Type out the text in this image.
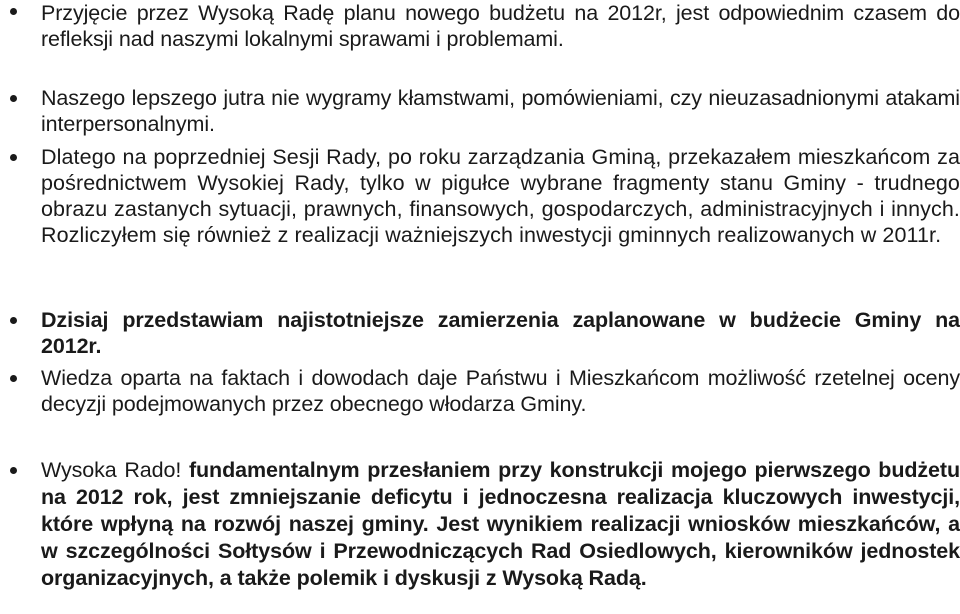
Przyjęcie przez Wysoką Radę planu nowego budżetu na 2012r, jest odpowiednim czasem do refleksji nad naszymi lokalnymi sprawami i problemami.
Naszego lepszego jutra nie wygramy kłamstwami, pomówieniami, czy nieuzasadnionymi atakami interpersonalnymi.
Dlatego na poprzedniej Sesji Rady, po roku zarządzania Gminą, przekazałem mieszkańcom za pośrednictwem Wysokiej Rady, tylko w pigułce wybrane fragmenty stanu Gminy - trudnego obrazu zastanych sytuacji, prawnych, finansowych, gospodarczych, administracyjnych i innych. Rozliczyłem się również z realizacji ważniejszych inwestycji gminnych realizowanych w 2011r.
Dzisiaj przedstawiam najistotniejsze zamierzenia zaplanowane w budżecie Gminy na 2012r.
Wiedza oparta na faktach i dowodach daje Państwu i Mieszkańcom możliwość rzetelnej oceny decyzji podejmowanych przez obecnego włodarza Gminy.
Wysoka Rado! fundamentalnym przesłaniem przy konstrukcji mojego pierwszego budżetu na 2012 rok, jest zmniejszanie deficytu i jednoczesna realizacja kluczowych inwestycji, które wpłyną na rozwój naszej gminy. Jest wynikiem realizacji wniosków mieszkańców, a w szczególności Sołtysów i Przewodniczących Rad Osiedlowych, kierowników jednostek organizacyjnych, a także polemik i dyskusji z Wysoką Radą.
